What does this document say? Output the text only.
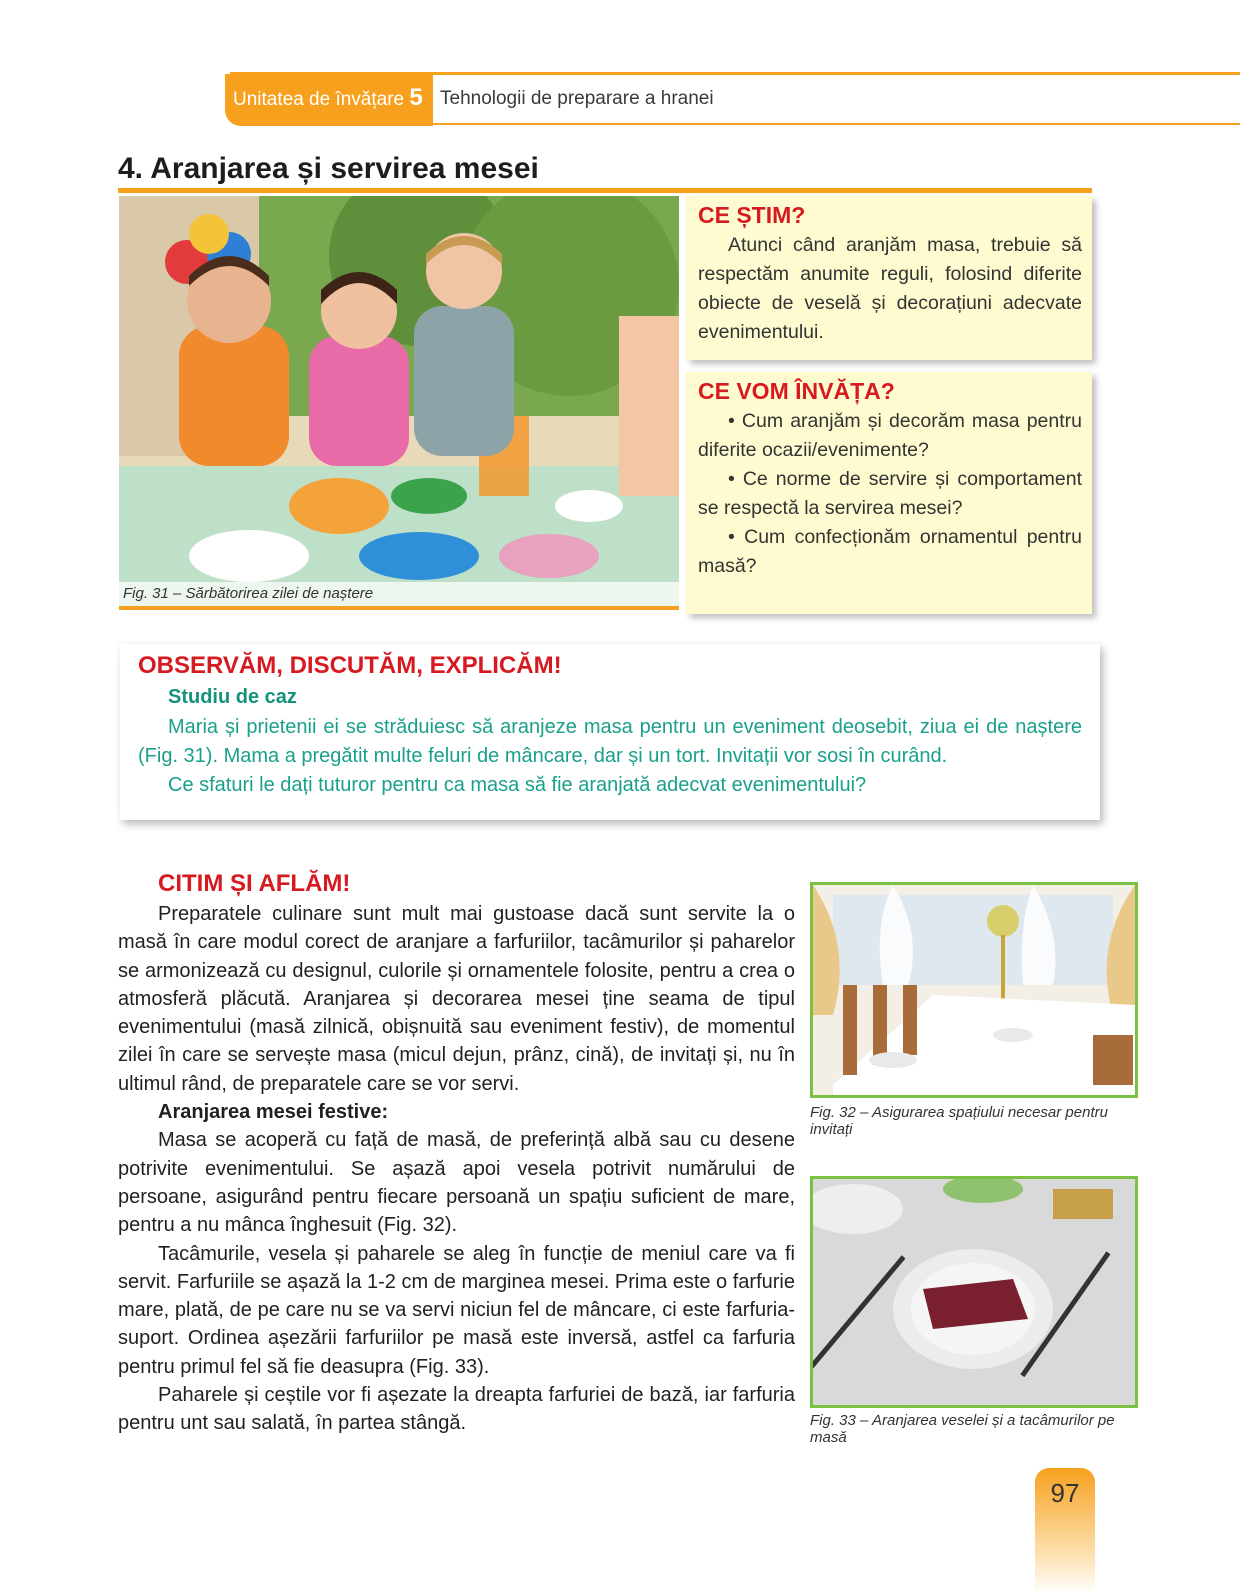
Unitatea de învățare 5 Tehnologii de preparare a hranei
4. Aranjarea și servirea mesei
Fig. 31 – Sărbătorirea zilei de naștere
CE ȘTIM?

Atunci când aranjăm masa, trebuie să respectăm anumite reguli, folosind diferite obiecte de veselă și decorațiuni adecvate evenimentului.

CE VOM ÎNVĂȚA?

• Cum aranjăm și decorăm masa pentru diferite ocazii/evenimente?

• Ce norme de servire și comportament se respectă la servirea mesei?

• Cum confecționăm ornamentul pentru masă?

OBSERVĂM, DISCUTĂM, EXPLICĂM!
Studiu de caz

Maria și prietenii ei se străduiesc să aranjeze masa pentru un eveniment deosebit, ziua ei de naștere (Fig. 31). Mama a pregătit multe feluri de mâncare, dar și un tort. Invitații vor sosi în curând.

Ce sfaturi le dați tuturor pentru ca masa să fie aranjată adecvat evenimentului?

CITIM ȘI AFLĂM!

Preparatele culinare sunt mult mai gustoase dacă sunt servite la o masă în care modul corect de aranjare a farfuriilor, tacâmurilor și paharelor se armonizează cu designul, culorile și ornamentele folosite, pentru a crea o atmosferă plăcută. Aranjarea și decorarea mesei ține seama de tipul evenimentului (masă zilnică, obișnuită sau eveniment festiv), de momentul zilei în care se servește masa (micul dejun, prânz, cină), de invitați și, nu în ultimul rând, de preparatele care se vor servi.

Aranjarea mesei festive:

Masa se acoperă cu față de masă, de preferință albă sau cu desene potrivite evenimentului. Se așază apoi vesela potrivit numărului de persoane, asigurând pentru fiecare persoană un spațiu suficient de mare, pentru a nu mânca înghesuit (Fig. 32).

Tacâmurile, vesela și paharele se aleg în funcție de meniul care va fi servit. Farfuriile se așază la 1-2 cm de marginea mesei. Prima este o farfurie mare, plată, de pe care nu se va servi niciun fel de mâncare, ci este farfuria-suport. Ordinea așezării farfuriilor pe masă este inversă, astfel ca farfuria pentru primul fel să fie deasupra (Fig. 33).

Paharele și ceștile vor fi așezate la dreapta farfuriei de bază, iar farfuria pentru unt sau salată, în partea stângă.

Fig. 32 – Asigurarea spațiului necesar pentru invitați
Fig. 33 – Aranjarea veselei și a tacâmurilor pe masă
97
